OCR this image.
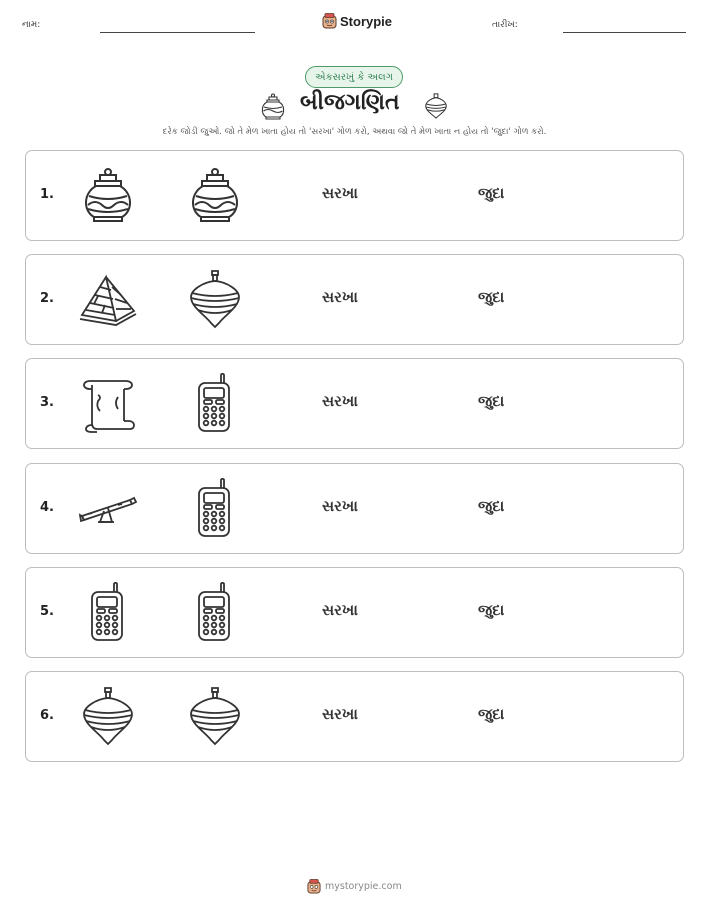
નામ:	Storypie	તારીખ:
એકસરખું કે અલગ
બીજગણિત
દરેક જોડી જુઓ. જો તે મેળ ખાતા હોય તો 'સરખા' ગોળ કરો, અથવા જો તે મેળ ખાતા ન હોય તો 'જુદા' ગોળ કરો.
1.	સરખા	જુદા
2.	સરખા	જુદા
3.	સરખા	જુદા
4.	સરખા	જુદા
5.	સરખા	જુદા
6.	સરખા	જુદા
mystorypie.com
